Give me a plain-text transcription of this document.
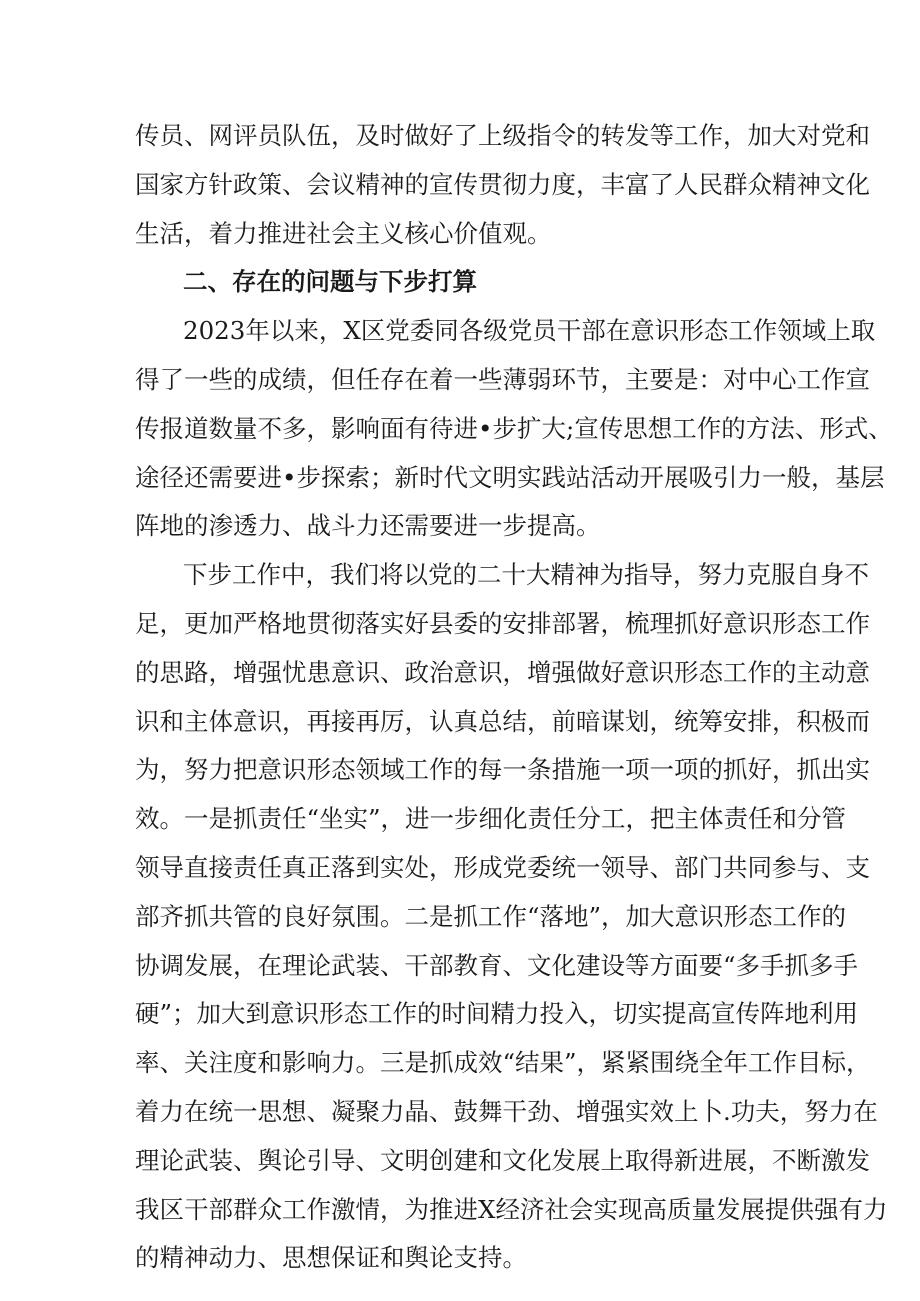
传员、网评员队伍，及时做好了上级指令的转发等工作，加大对党和
国家方针政策、会议精神的宣传贯彻力度，丰富了人民群众精神文化
生活，着力推进社会主义核心价值观。
二、存在的问题与下步打算
2023年以来，X区党委同各级党员干部在意识形态工作领域上取
得了一些的成绩，但任存在着一些薄弱环节，主要是：对中心工作宣
传报道数量不多，影响面有待进•步扩大;宣传思想工作的方法、形式、
途径还需要进•步探索；新时代文明实践站活动开展吸引力一般，基层
阵地的渗透力、战斗力还需要进一步提高。
下步工作中，我们将以党的二十大精神为指导，努力克服自身不
足，更加严格地贯彻落实好县委的安排部署，梳理抓好意识形态工作
的思路，增强忧患意识、政治意识，增强做好意识形态工作的主动意
识和主体意识，再接再厉，认真总结，前暗谋划，统筹安排，积极而
为，努力把意识形态领域工作的每一条措施一项一项的抓好，抓出实
效。一是抓责任“坐实”，进一步细化责任分工，把主体责任和分管
领导直接责任真正落到实处，形成党委统一领导、部门共同参与、支
部齐抓共管的良好氛围。二是抓工作“落地”，加大意识形态工作的
协调发展，在理论武装、干部教育、文化建设等方面要“多手抓多手
硬”；加大到意识形态工作的时间精力投入，切实提高宣传阵地利用
率、关注度和影响力。三是抓成效“结果”，紧紧围绕全年工作目标，
着力在统一思想、凝聚力晶、鼓舞干劲、增强实效上卜.功夫，努力在
理论武装、舆论引导、文明创建和文化发展上取得新进展，不断激发
我区干部群众工作激情，为推进X经济社会实现高质量发展提供强有力
的精神动力、思想保证和舆论支持。
